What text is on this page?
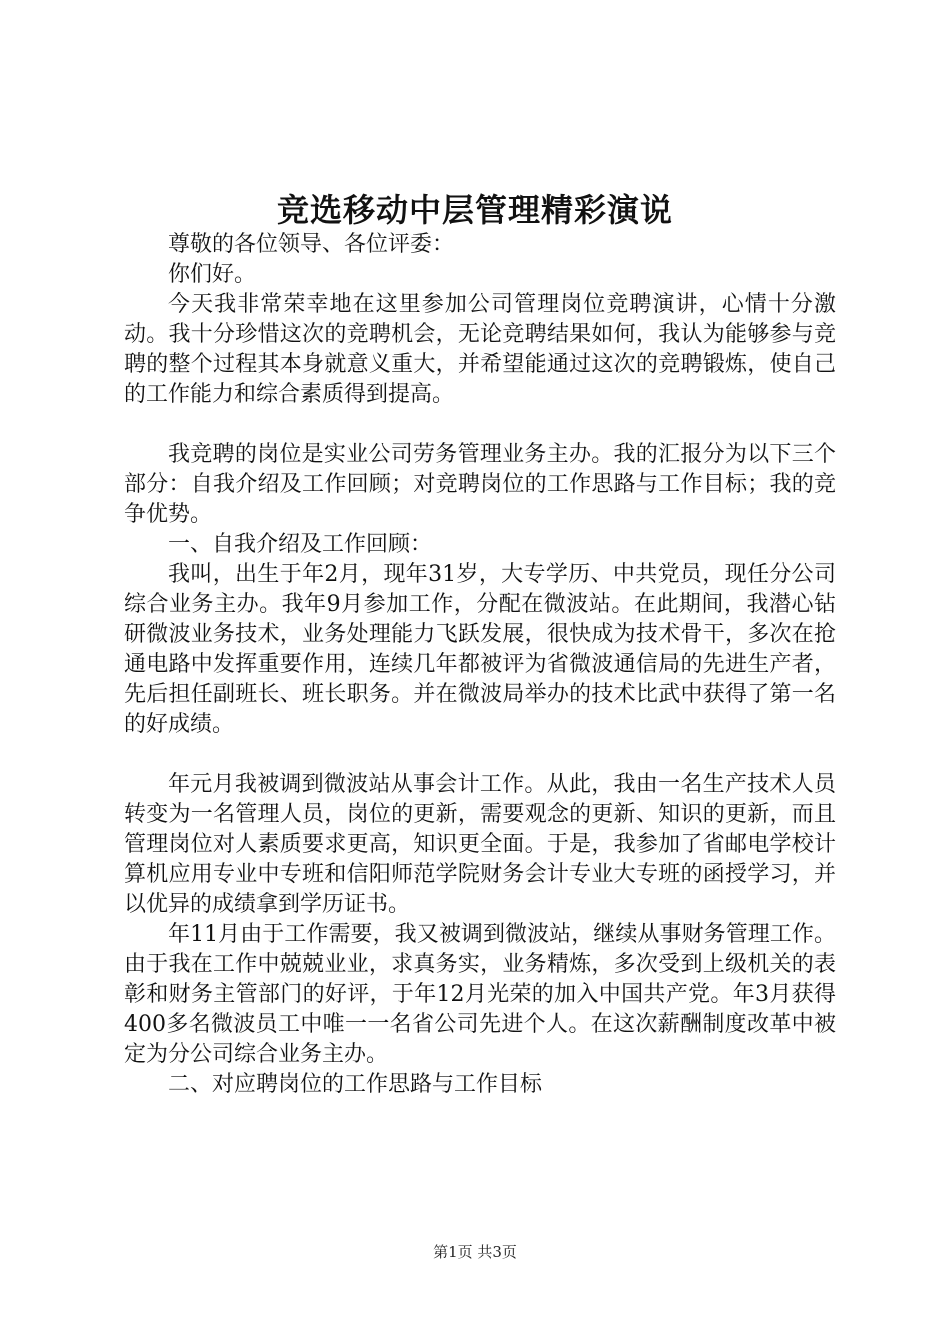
竞选移动中层管理精彩演说

尊敬的各位领导、各位评委：

你们好。

今天我非常荣幸地在这里参加公司管理岗位竞聘演讲，心情十分激动。我十分珍惜这次的竞聘机会，无论竞聘结果如何，我认为能够参与竞聘的整个过程其本身就意义重大，并希望能通过这次的竞聘锻炼，使自己的工作能力和综合素质得到提高。

我竞聘的岗位是实业公司劳务管理业务主办。我的汇报分为以下三个部分：自我介绍及工作回顾；对竞聘岗位的工作思路与工作目标；我的竞争优势。

一、自我介绍及工作回顾：

我叫，出生于年2月，现年31岁，大专学历、中共党员，现任分公司综合业务主办。我年9月参加工作，分配在微波站。在此期间，我潜心钻研微波业务技术，业务处理能力飞跃发展，很快成为技术骨干，多次在抢通电路中发挥重要作用，连续几年都被评为省微波通信局的先进生产者，先后担任副班长、班长职务。并在微波局举办的技术比武中获得了第一名的好成绩。

年元月我被调到微波站从事会计工作。从此，我由一名生产技术人员转变为一名管理人员，岗位的更新，需要观念的更新、知识的更新，而且管理岗位对人素质要求更高，知识更全面。于是，我参加了省邮电学校计算机应用专业中专班和信阳师范学院财务会计专业大专班的函授学习，并以优异的成绩拿到学历证书。

年11月由于工作需要，我又被调到微波站，继续从事财务管理工作。由于我在工作中兢兢业业，求真务实，业务精炼，多次受到上级机关的表彰和财务主管部门的好评，于年12月光荣的加入中国共产党。年3月获得400多名微波员工中唯一一名省公司先进个人。在这次薪酬制度改革中被定为分公司综合业务主办。

二、对应聘岗位的工作思路与工作目标

第1页 共3页
